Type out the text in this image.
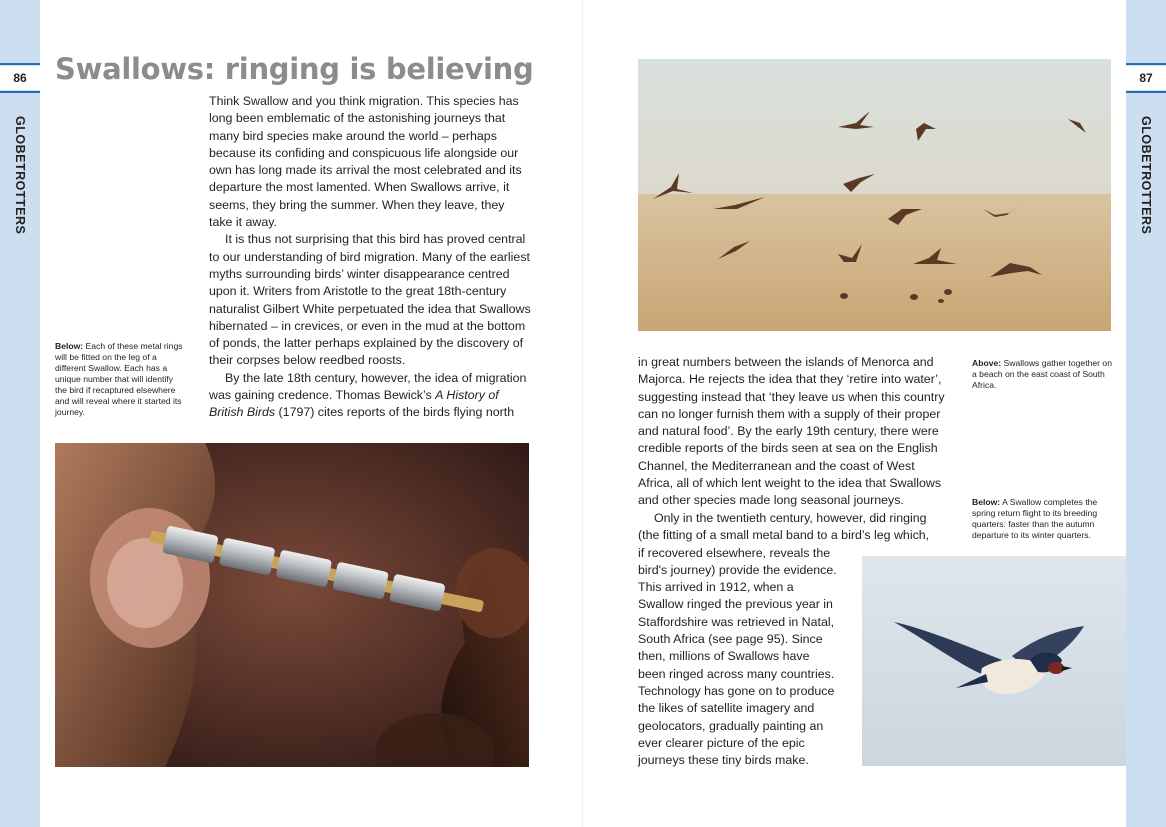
86
GLOBETROTTERS
87
GLOBETROTTERS
Swallows: ringing is believing

Think Swallow and you think migration. This species has long been emblematic of the astonishing journeys that many bird species make around the world – perhaps because its confiding and conspicuous life alongside our own has long made its arrival the most celebrated and its departure the most lamented. When Swallows arrive, it seems, they bring the summer. When they leave, they take it away.

It is thus not surprising that this bird has proved central to our understanding of bird migration. Many of the earliest myths surrounding birds’ winter disappearance centred upon it. Writers from Aristotle to the great 18th-century naturalist Gilbert White perpetuated the idea that Swallows hibernated – in crevices, or even in the mud at the bottom of ponds, the latter perhaps explained by the discovery of their corpses below reedbed roosts.

By the late 18th century, however, the idea of migration was gaining credence. Thomas Bewick’s A History of British Birds (1797) cites reports of the birds flying north

Below: Each of these metal rings will be fitted on the leg of a different Swallow. Each has a unique number that will identify the bird if recaptured elsewhere and will reveal where it started its journey.
Above: Swallows gather together on a beach on the east coast of South Africa.

in great numbers between the islands of Menorca and Majorca. He rejects the idea that they ‘retire into water’, suggesting instead that ‘they leave us when this country can no longer furnish them with a supply of their proper and natural food’. By the early 19th century, there were credible reports of the birds seen at sea on the English Channel, the Mediterranean and the coast of West Africa, all of which lent weight to the idea that Swallows and other species made long seasonal journeys.

Only in the twentieth century, however, did ringing (the fitting of a small metal band to a bird’s leg which,

if recovered elsewhere, reveals the bird's journey) provide the evidence. This arrived in 1912, when a Swallow ringed the previous year in Staffordshire was retrieved in Natal, South Africa (see page 95). Since then, millions of Swallows have been ringed across many countries. Technology has gone on to produce the likes of satellite imagery and geolocators, gradually painting an ever clearer picture of the epic journeys these tiny birds make.

Below: A Swallow completes the spring return flight to its breeding quarters: faster than the autumn departure to its winter quarters.
